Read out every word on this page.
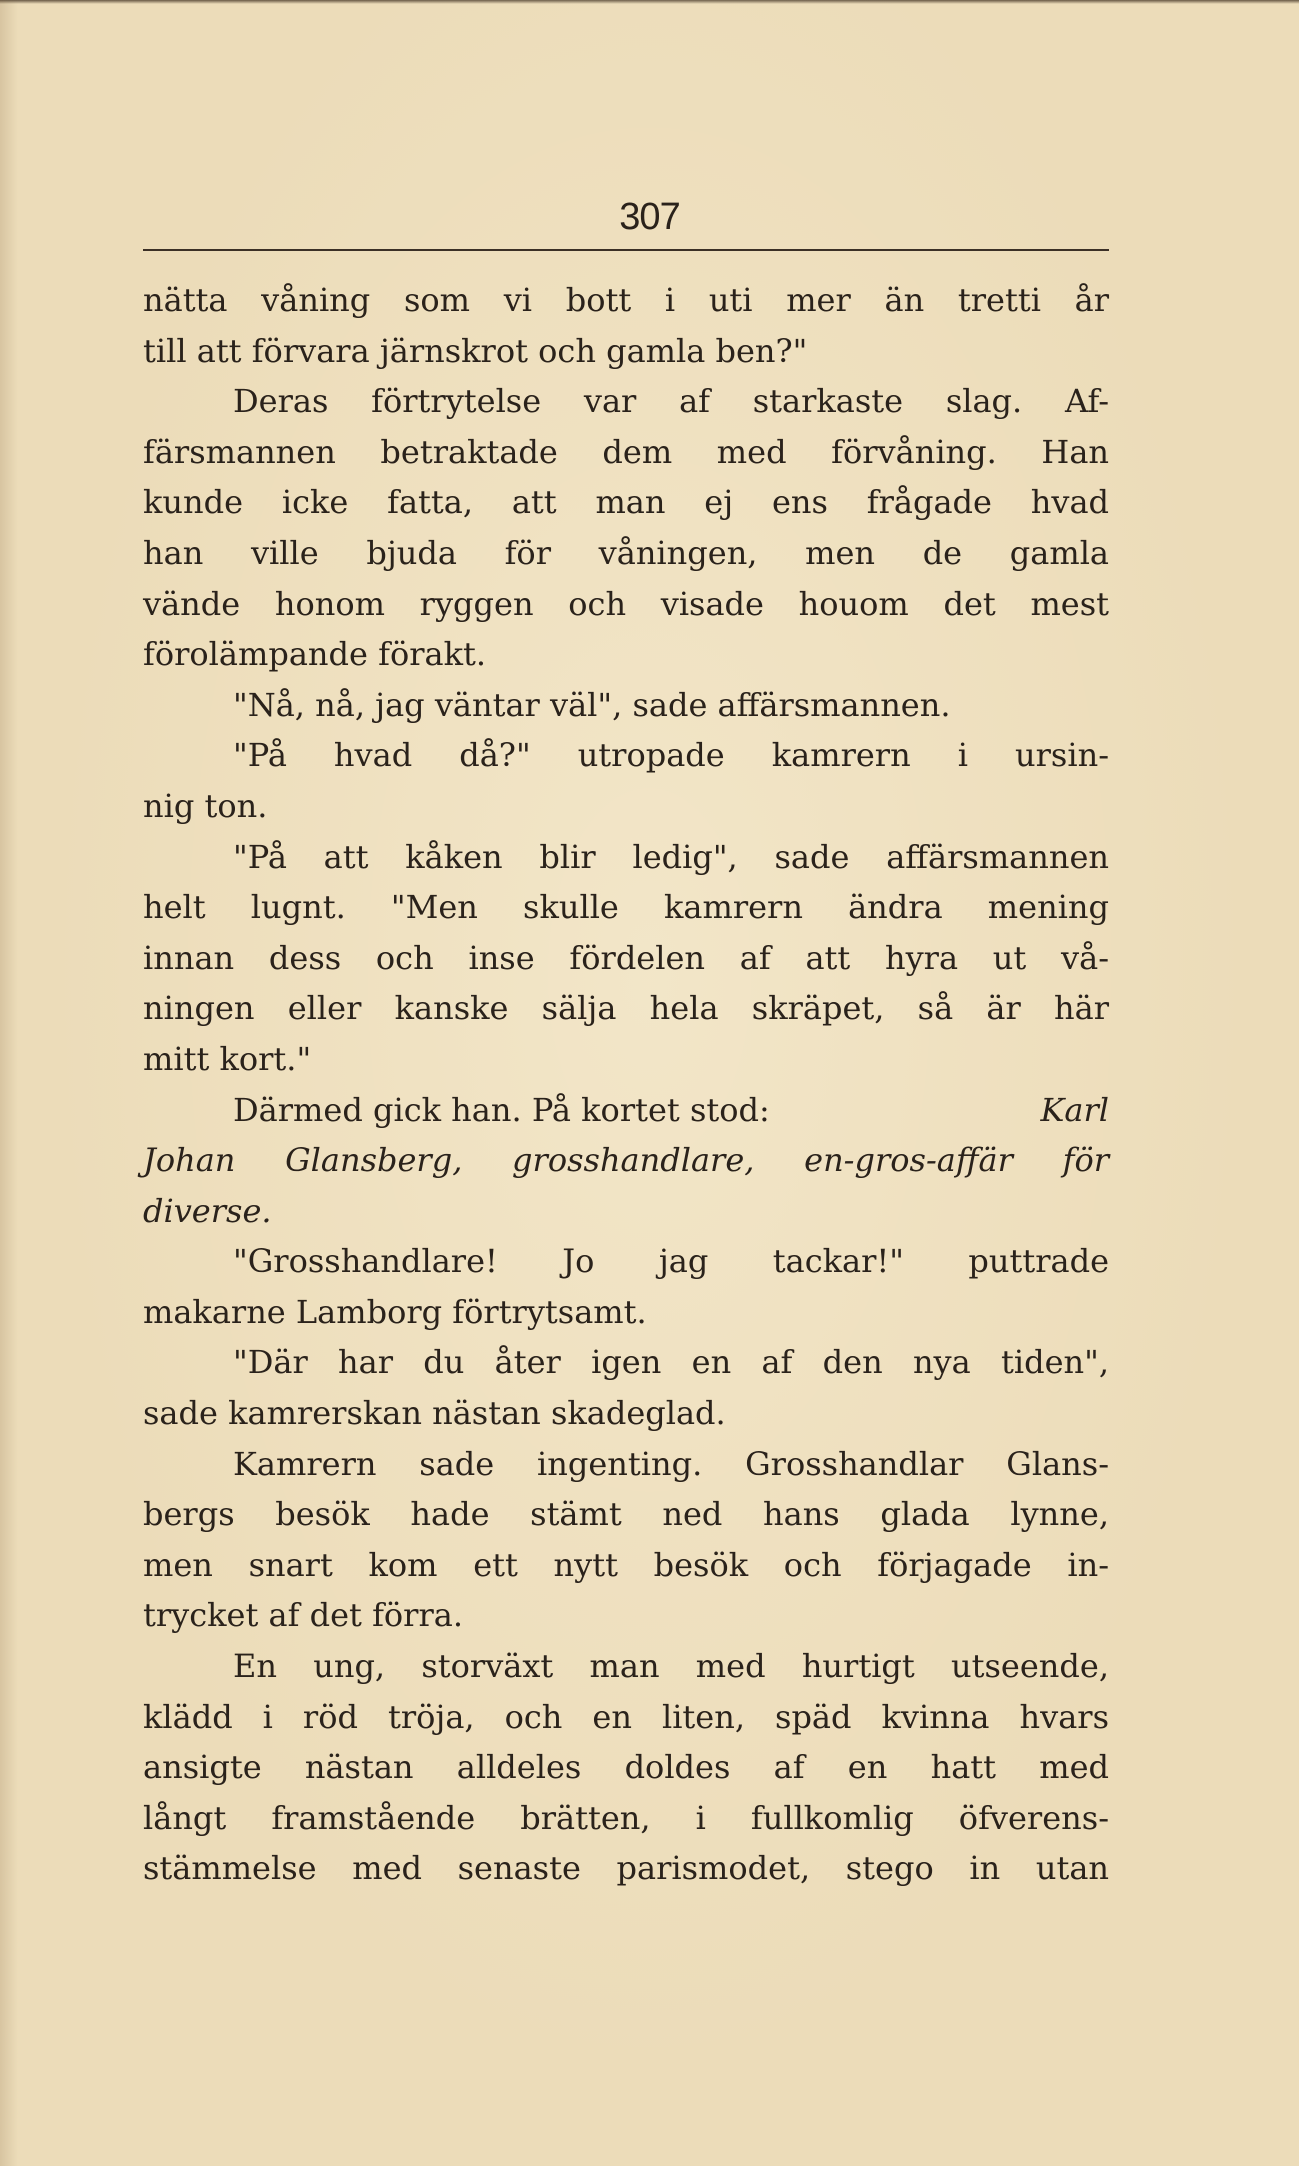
307
nätta våning som vi bott i uti mer än tretti år
till att förvara järnskrot och gamla ben?"
Deras förtrytelse var af starkaste slag. Af-
färsmannen betraktade dem med förvåning. Han
kunde icke fatta, att man ej ens frågade hvad
han ville bjuda för våningen, men de gamla
vände honom ryggen och visade houom det mest
förolämpande förakt.
"Nå, nå, jag väntar väl", sade affärsmannen.
"På hvad då?" utropade kamrern i ursin-
nig ton.
"På att kåken blir ledig", sade affärsmannen
helt lugnt. "Men skulle kamrern ändra mening
innan dess och inse fördelen af att hyra ut vå-
ningen eller kanske sälja hela skräpet, så är här
mitt kort."
Därmed gick han. På kortet stod:	Karl
Johan Glansberg, grosshandlare, en-gros-affär för
diverse.
"Grosshandlare! Jo jag tackar!" puttrade
makarne Lamborg förtrytsamt.
"Där har du åter igen en af den nya tiden",
sade kamrerskan nästan skadeglad.
Kamrern sade ingenting. Grosshandlar Glans-
bergs besök hade stämt ned hans glada lynne,
men snart kom ett nytt besök och förjagade in-
trycket af det förra.
En ung, storväxt man med hurtigt utseende,
klädd i röd tröja, och en liten, späd kvinna hvars
ansigte nästan alldeles doldes af en hatt med
långt framstående brätten, i fullkomlig öfverens-
stämmelse med senaste parismodet, stego in utan
